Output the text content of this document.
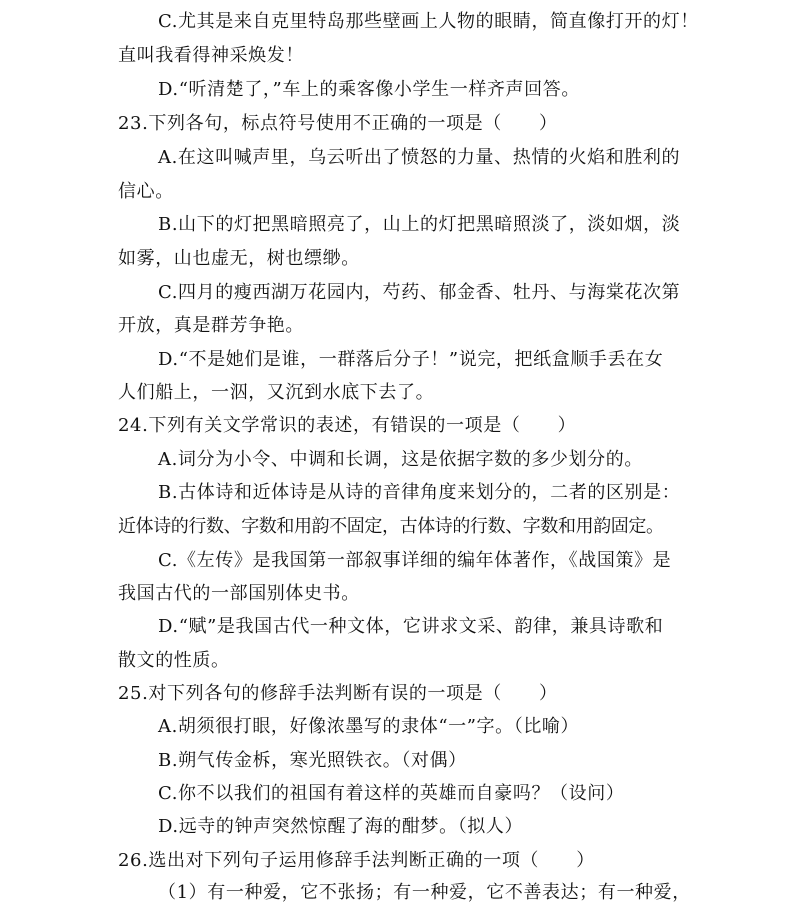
C.尤其是来自克里特岛那些壁画上人物的眼睛，简直像打开的灯！
直叫我看得神采焕发！
D.“听清楚了，”车上的乘客像小学生一样齐声回答。
23.下列各句，标点符号使用不正确的一项是（　　）
A.在这叫喊声里，乌云听出了愤怒的力量、热情的火焰和胜利的
信心。
B.山下的灯把黑暗照亮了，山上的灯把黑暗照淡了，淡如烟，淡
如雾，山也虚无，树也缥缈。
C.四月的瘦西湖万花园内，芍药、郁金香、牡丹、与海棠花次第
开放，真是群芳争艳。
D.“不是她们是谁，一群落后分子！”说完，把纸盒顺手丢在女
人们船上，一泅，又沉到水底下去了。
24.下列有关文学常识的表述，有错误的一项是（　　）
A.词分为小令、中调和长调，这是依据字数的多少划分的。
B.古体诗和近体诗是从诗的音律角度来划分的，二者的区别是：
近体诗的行数、字数和用韵不固定，古体诗的行数、字数和用韵固定。
C.《左传》是我国第一部叙事详细的编年体著作，《战国策》是
我国古代的一部国别体史书。
D.“赋”是我国古代一种文体，它讲求文采、韵律，兼具诗歌和
散文的性质。
25.对下列各句的修辞手法判断有误的一项是（　　）
A.胡须很打眼，好像浓墨写的隶体“一”字。（比喻）
B.朔气传金柝，寒光照铁衣。（对偶）
C.你不以我们的祖国有着这样的英雄而自豪吗？（设问）
D.远寺的钟声突然惊醒了海的酣梦。（拟人）
26.选出对下列句子运用修辞手法判断正确的一项（　　）
（1）有一种爱，它不张扬；有一种爱，它不善表达；有一种爱，
